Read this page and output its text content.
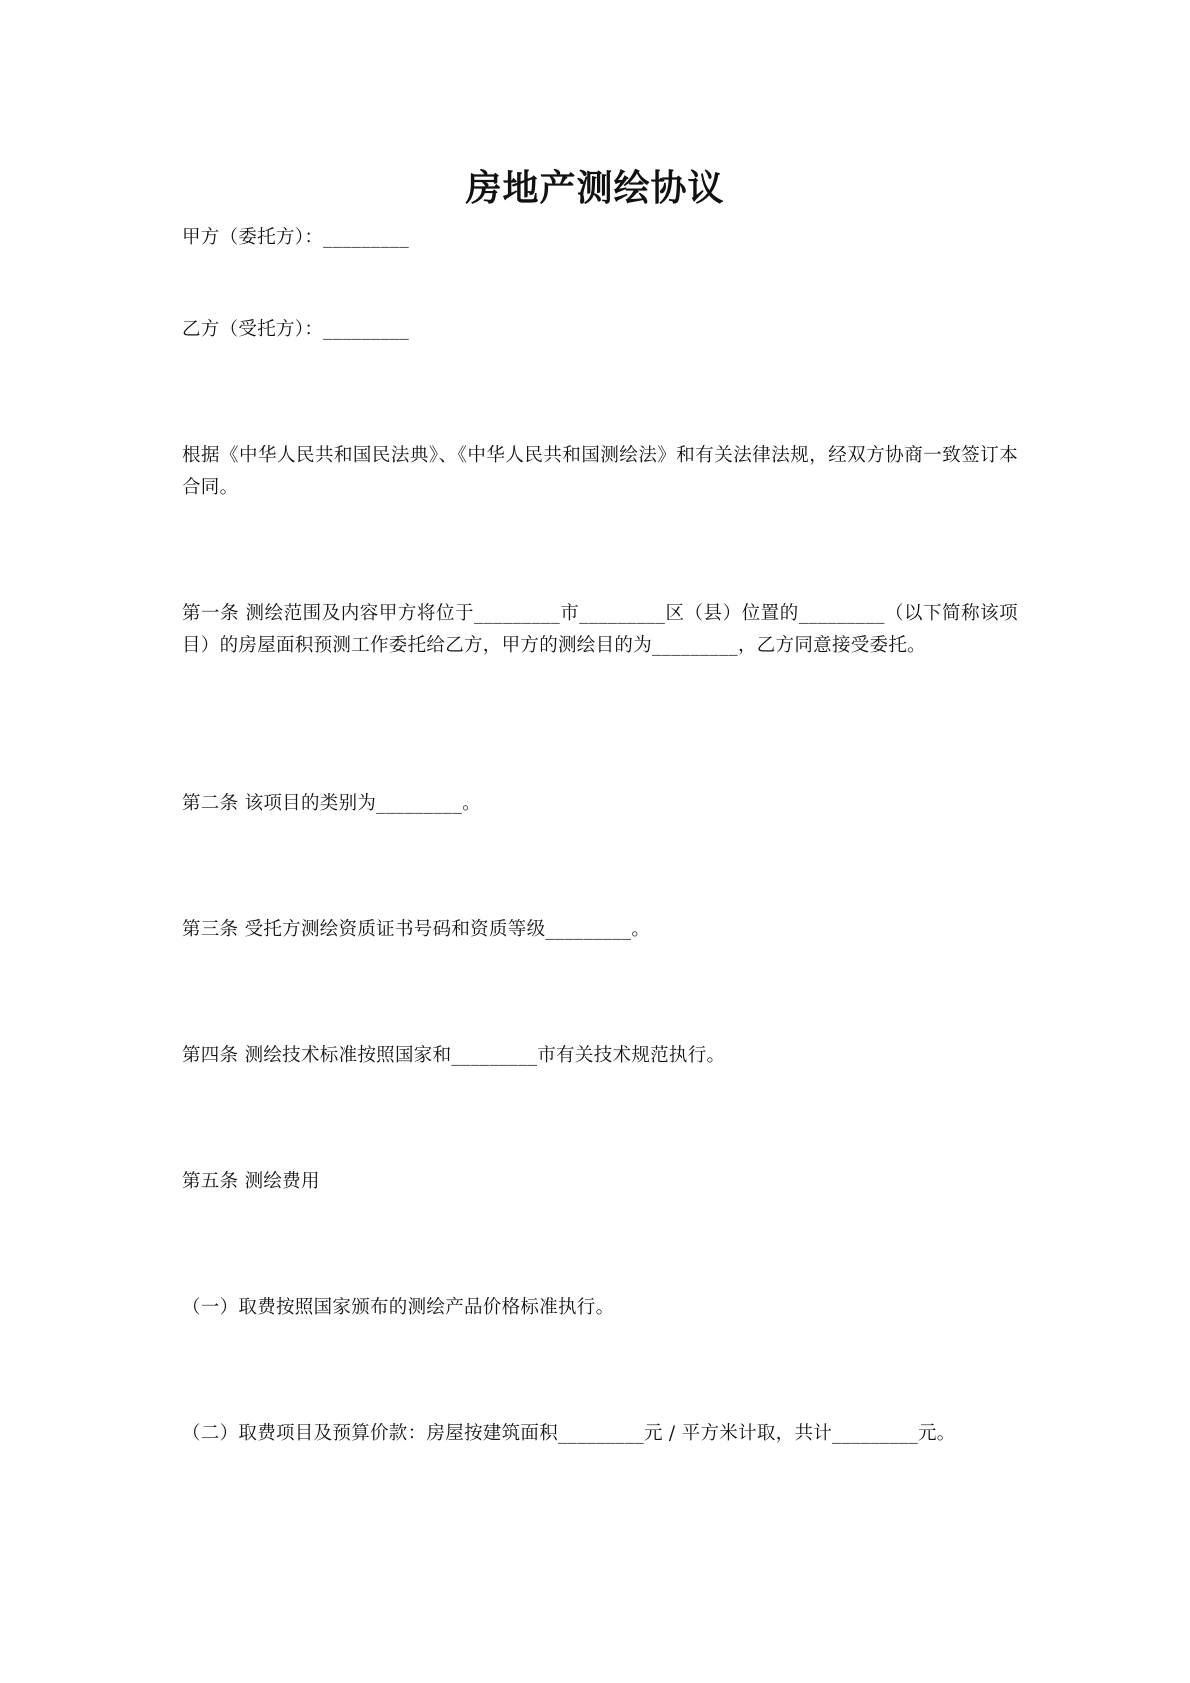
房地产测绘协议
甲方（委托方）：_________
乙方（受托方）：_________
根据《中华人民共和国民法典》、《中华人民共和国测绘法》和有关法律法规，经双方协商一致签订本合同。
第一条 测绘范围及内容甲方将位于_________市_________区（县）位置的_________（以下简称该项目）的房屋面积预测工作委托给乙方，甲方的测绘目的为_________，乙方同意接受委托。
第二条 该项目的类别为_________。
第三条 受托方测绘资质证书号码和资质等级_________。
第四条 测绘技术标准按照国家和_________市有关技术规范执行。
第五条 测绘费用
（一）取费按照国家颁布的测绘产品价格标准执行。
（二）取费项目及预算价款：房屋按建筑面积_________元 / 平方米计取，共计_________元。
